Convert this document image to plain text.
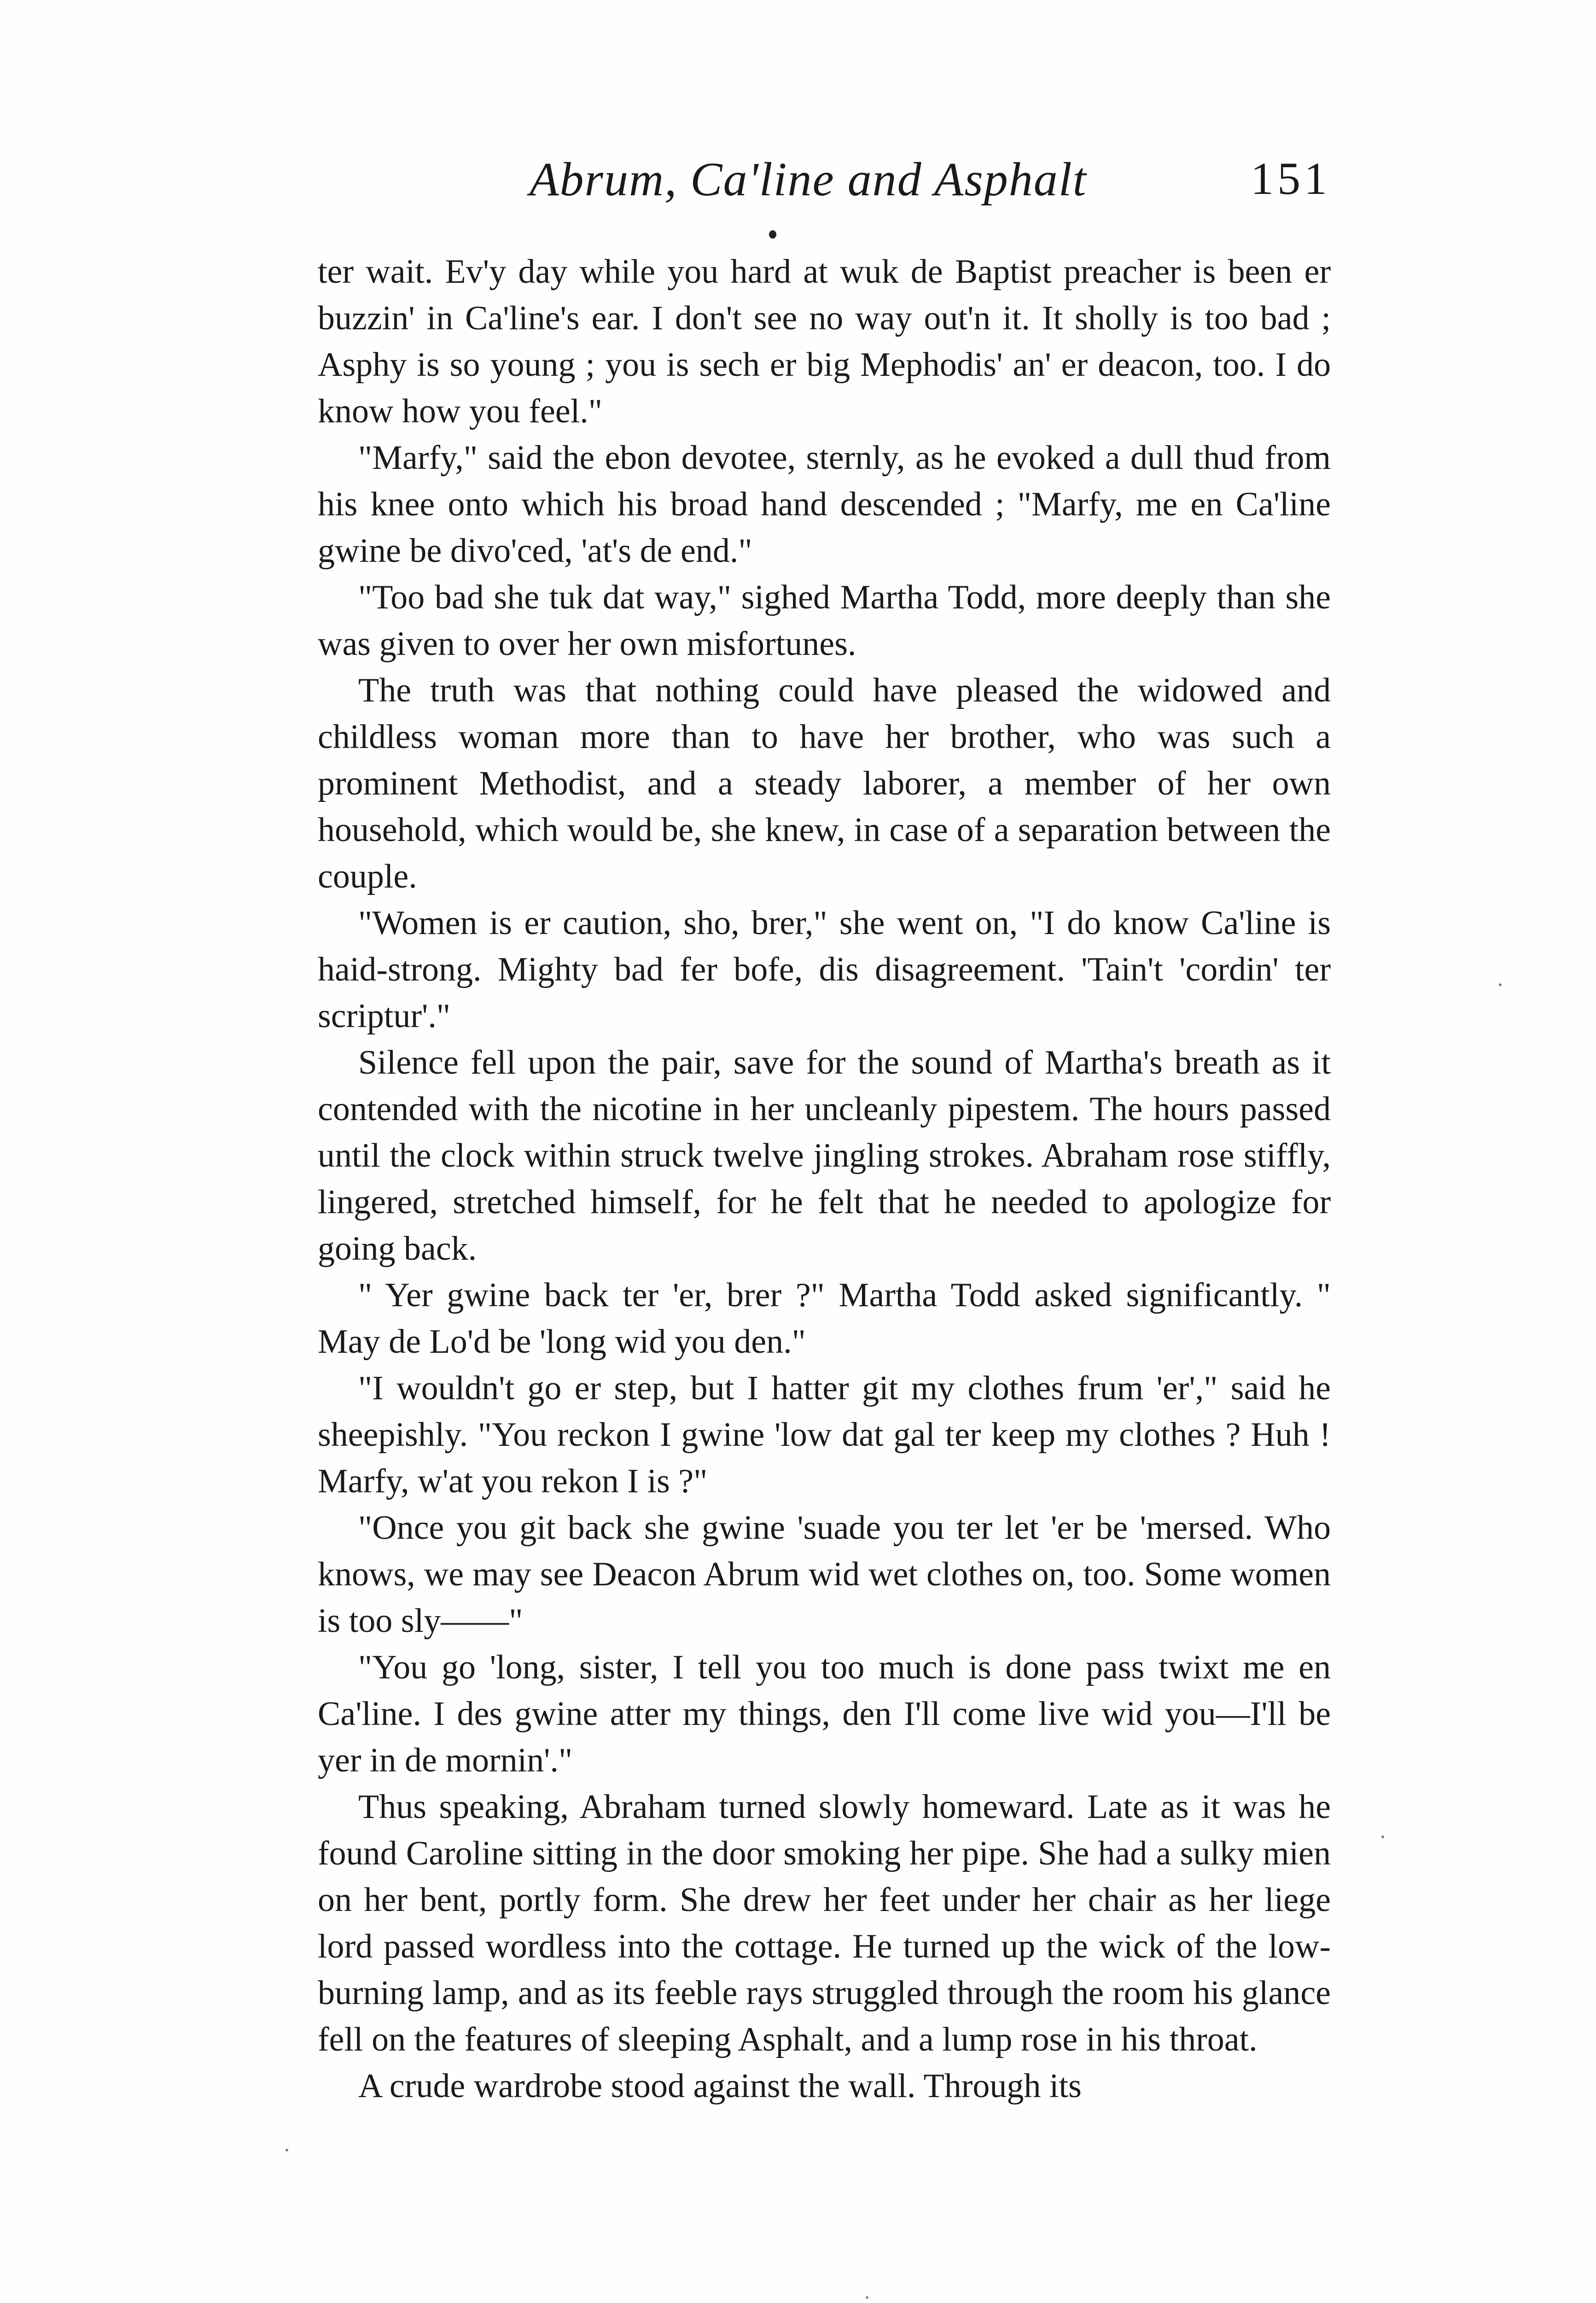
Abrum, Ca'line and Asphalt	151

ter wait. Ev'y day while you hard at wuk de Baptist preacher is been er buzzin' in Ca'line's ear. I don't see no way out'n it. It sholly is too bad ; Asphy is so young ; you is sech er big Mephodis' an' er deacon, too. I do know how you feel."

"Marfy," said the ebon devotee, sternly, as he evoked a dull thud from his knee onto which his broad hand descended ; "Marfy, me en Ca'line gwine be divo'ced, 'at's de end."

"Too bad she tuk dat way," sighed Martha Todd, more deeply than she was given to over her own misfortunes.

The truth was that nothing could have pleased the widowed and childless woman more than to have her brother, who was such a prominent Methodist, and a steady laborer, a member of her own household, which would be, she knew, in case of a separation between the couple.

"Women is er caution, sho, brer," she went on, "I do know Ca'line is haid-strong. Mighty bad fer bofe, dis disagreement. 'Tain't 'cordin' ter scriptur'."

Silence fell upon the pair, save for the sound of Martha's breath as it contended with the nicotine in her uncleanly pipestem. The hours passed until the clock within struck twelve jingling strokes. Abraham rose stiffly, lingered, stretched himself, for he felt that he needed to apologize for going back.

" Yer gwine back ter 'er, brer ?" Martha Todd asked significantly. " May de Lo'd be 'long wid you den."

"I wouldn't go er step, but I hatter git my clothes frum 'er'," said he sheepishly. "You reckon I gwine 'low dat gal ter keep my clothes ? Huh ! Marfy, w'at you rekon I is ?"

"Once you git back she gwine 'suade you ter let 'er be 'mersed. Who knows, we may see Deacon Abrum wid wet clothes on, too. Some women is too sly——"

"You go 'long, sister, I tell you too much is done pass twixt me en Ca'line. I des gwine atter my things, den I'll come live wid you—I'll be yer in de mornin'."

Thus speaking, Abraham turned slowly homeward. Late as it was he found Caroline sitting in the door smoking her pipe. She had a sulky mien on her bent, portly form. She drew her feet under her chair as her liege lord passed wordless into the cottage. He turned up the wick of the low-burning lamp, and as its feeble rays struggled through the room his glance fell on the features of sleeping Asphalt, and a lump rose in his throat.

A crude wardrobe stood against the wall. Through its
